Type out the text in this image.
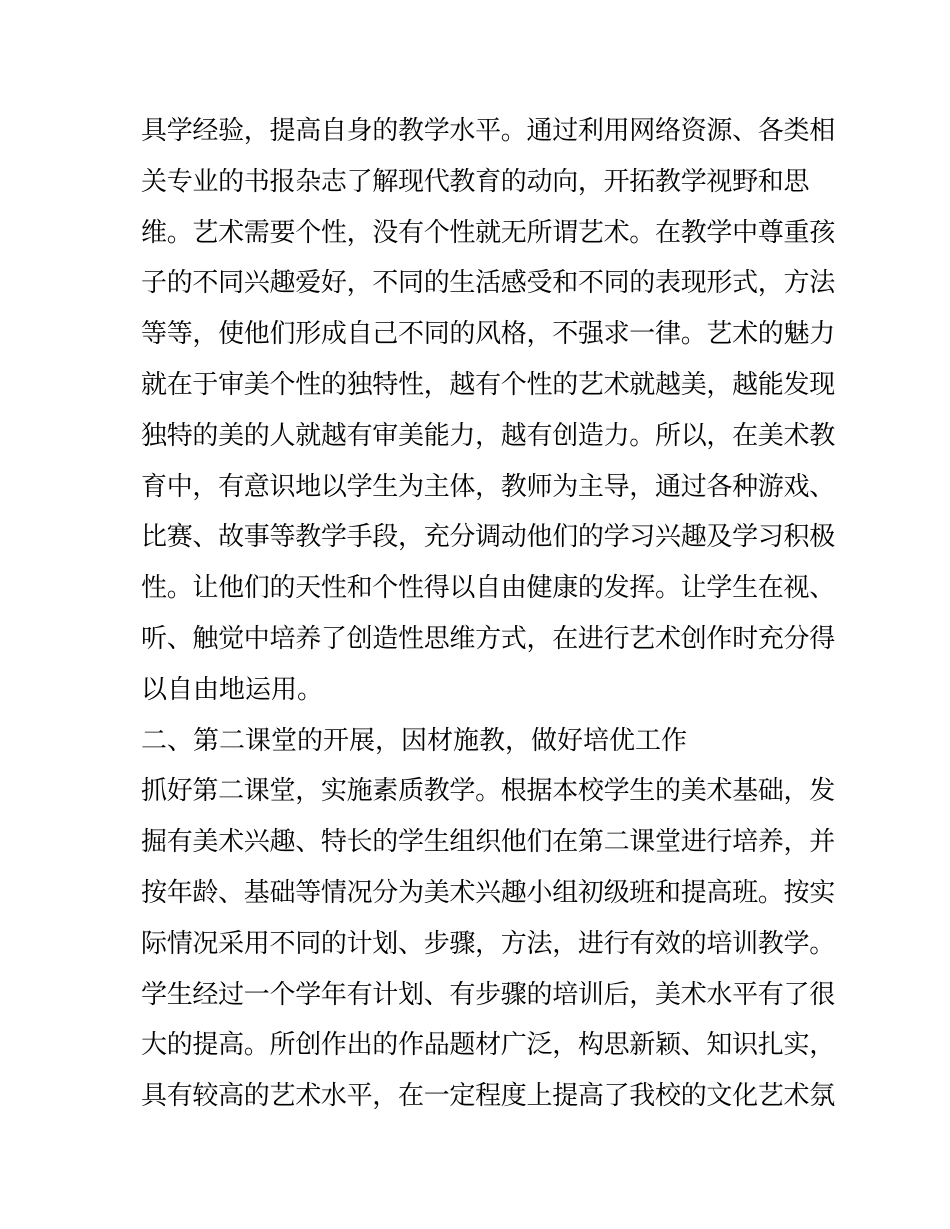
具学经验，提高自身的教学水平。通过利用网络资源、各类相
关专业的书报杂志了解现代教育的动向，开拓教学视野和思
维。艺术需要个性，没有个性就无所谓艺术。在教学中尊重孩
子的不同兴趣爱好，不同的生活感受和不同的表现形式，方法
等等，使他们形成自己不同的风格，不强求一律。艺术的魅力
就在于审美个性的独特性，越有个性的艺术就越美，越能发现
独特的美的人就越有审美能力，越有创造力。所以，在美术教
育中，有意识地以学生为主体，教师为主导，通过各种游戏、
比赛、故事等教学手段，充分调动他们的学习兴趣及学习积极
性。让他们的天性和个性得以自由健康的发挥。让学生在视、
听、触觉中培养了创造性思维方式，在进行艺术创作时充分得
以自由地运用。
二、第二课堂的开展，因材施教，做好培优工作
抓好第二课堂，实施素质教学。根据本校学生的美术基础，发
掘有美术兴趣、特长的学生组织他们在第二课堂进行培养，并
按年龄、基础等情况分为美术兴趣小组初级班和提高班。按实
际情况采用不同的计划、步骤，方法，进行有效的培训教学。
学生经过一个学年有计划、有步骤的培训后，美术水平有了很
大的提高。所创作出的作品题材广泛，构思新颖、知识扎实，
具有较高的艺术水平，在一定程度上提高了我校的文化艺术氛
